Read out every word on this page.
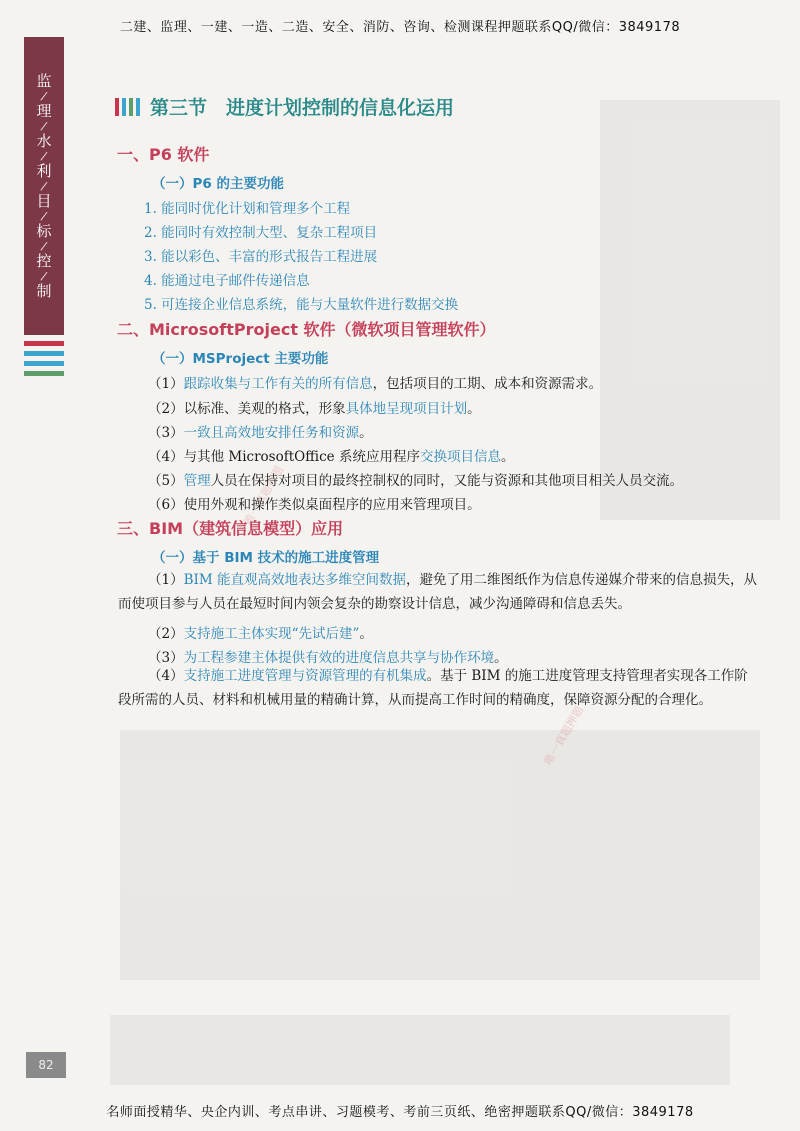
二建、监理、一建、一造、二造、安全、消防、咨询、检测课程押题联系QQ/微信：3849178
监
/
理
/
水
/
利
/
目
/
标
/
控
/
制
唯一真题押题
唯一真题押题
第三节　进度计划控制的信息化运用
一、P6 软件
（一）P6 的主要功能
1. 能同时优化计划和管理多个工程
2. 能同时有效控制大型、复杂工程项目
3. 能以彩色、丰富的形式报告工程进展
4. 能通过电子邮件传递信息
5. 可连接企业信息系统，能与大量软件进行数据交换
二、MicrosoftProject 软件（微软项目管理软件）
（一）MSProject 主要功能
（1）跟踪收集与工作有关的所有信息，包括项目的工期、成本和资源需求。
（2）以标准、美观的格式，形象具体地呈现项目计划。
（3）一致且高效地安排任务和资源。
（4）与其他 MicrosoftOffice 系统应用程序交换项目信息。
（5）管理人员在保持对项目的最终控制权的同时，又能与资源和其他项目相关人员交流。
（6）使用外观和操作类似桌面程序的应用来管理项目。
三、BIM（建筑信息模型）应用
（一）基于 BIM 技术的施工进度管理
（1）BIM 能直观高效地表达多维空间数据，避免了用二维图纸作为信息传递媒介带来的信息损失，从而使项目参与人员在最短时间内领会复杂的勘察设计信息，减少沟通障碍和信息丢失。
（2）支持施工主体实现“先试后建”。
（3）为工程参建主体提供有效的进度信息共享与协作环境。
（4）支持施工进度管理与资源管理的有机集成。基于 BIM 的施工进度管理支持管理者实现各工作阶段所需的人员、材料和机械用量的精确计算，从而提高工作时间的精确度，保障资源分配的合理化。
82
名师面授精华、央企内训、考点串讲、习题模考、考前三页纸、绝密押题联系QQ/微信：3849178
